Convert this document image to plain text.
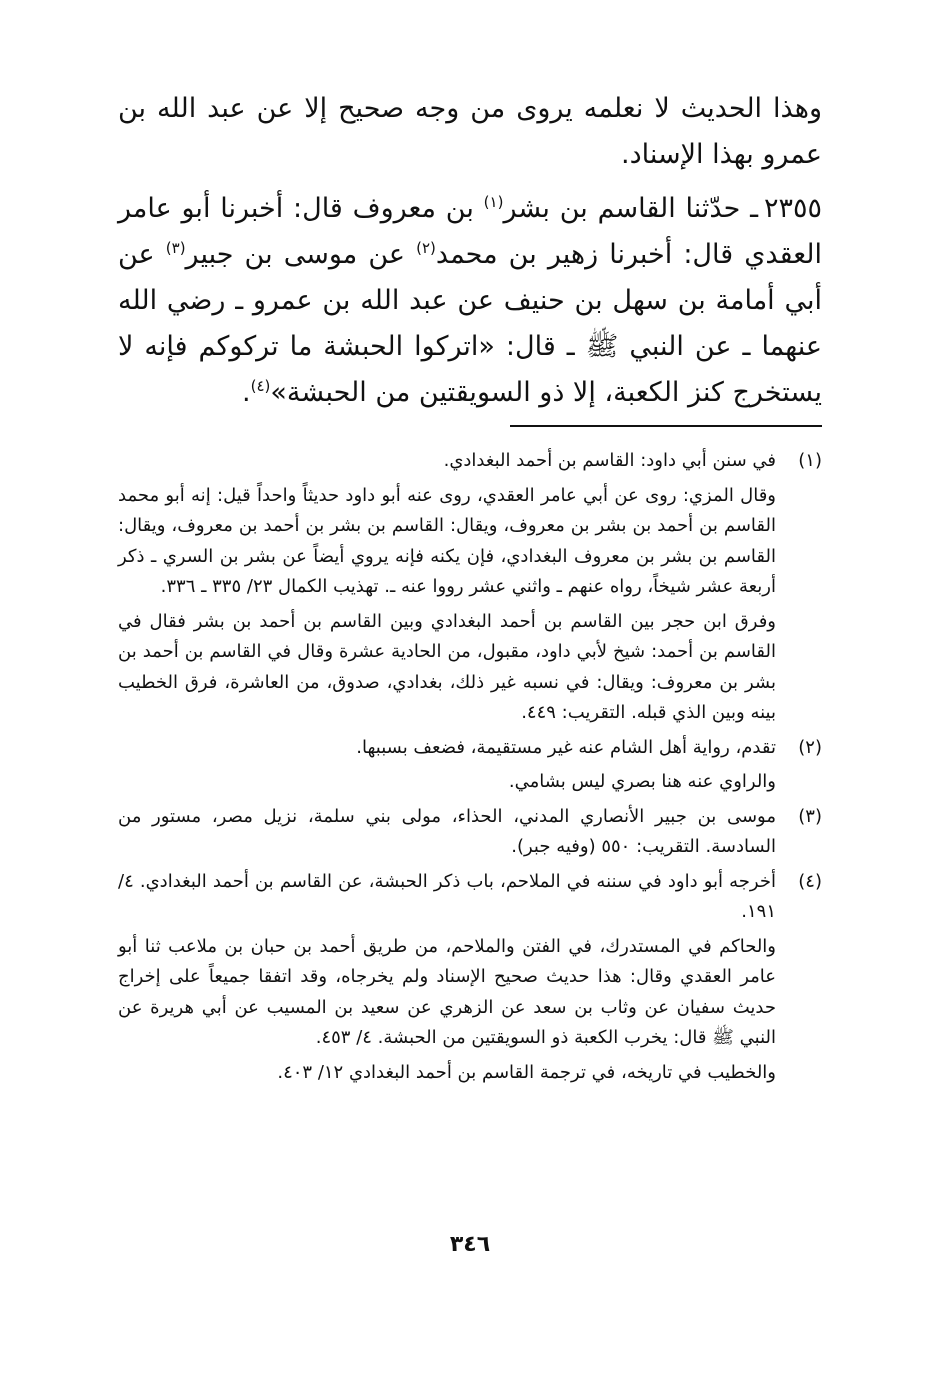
وهذا الحديث لا نعلمه يروى من وجه صحيح إلا عن عبد الله بن عمرو بهذا الإسناد.

٢٣٥٥ـ حدّثنا القاسم بن بشر$^{(١)}$ بن معروف قال: أخبرنا أبو عامر العقدي قال: أخبرنا زهير بن محمد$^{(٢)}$ عن موسى بن جبير$^{(٣)}$ عن أبي أمامة بن سهل بن حنيف عن عبد الله بن عمرو ـ رضي الله عنهما ـ عن النبي ﷺ ـ قال: «اتركوا الحبشة ما تركوكم فإنه لا يستخرج كنز الكعبة، إلا ذو السويقتين من الحبشة»$^{(٤)}$.

(١)

في سنن أبي داود: القاسم بن أحمد البغدادي.

وقال المزي: روى عن أبي عامر العقدي، روى عنه أبو داود حديثاً واحداً قيل: إنه أبو محمد القاسم بن أحمد بن بشر بن معروف، ويقال: القاسم بن بشر بن أحمد بن معروف، ويقال: القاسم بن بشر بن معروف البغدادي، فإن يكنه فإنه يروي أيضاً عن بشر بن السري ـ ذكر أربعة عشر شيخاً، رواه عنهم ـ واثني عشر رووا عنه ـ. تهذيب الكمال ٢٣/ ٣٣٥ ـ ٣٣٦.

وفرق ابن حجر بين القاسم بن أحمد البغدادي وبين القاسم بن أحمد بن بشر فقال في القاسم بن أحمد: شيخ لأبي داود، مقبول، من الحادية عشرة وقال في القاسم بن أحمد بن بشر بن معروف: ويقال: في نسبه غير ذلك، بغدادي، صدوق، من العاشرة، فرق الخطيب بينه وبين الذي قبله. التقريب: ٤٤٩.

(٢)

تقدم، رواية أهل الشام عنه غير مستقيمة، فضعف بسببها.

والراوي عنه هنا بصري ليس بشامي.

(٣)

موسى بن جبير الأنصاري المدني، الحذاء، مولى بني سلمة، نزيل مصر، مستور من السادسة. التقريب: ٥٥٠ (وفيه جبر).

(٤)

أخرجه أبو داود في سننه في الملاحم، باب ذكر الحبشة، عن القاسم بن أحمد البغدادي. ٤/ ١٩١.

والحاكم في المستدرك، في الفتن والملاحم، من طريق أحمد بن حبان بن ملاعب ثنا أبو عامر العقدي وقال: هذا حديث صحيح الإسناد ولم يخرجاه، وقد اتفقا جميعاً على إخراج حديث سفيان عن وثاب بن سعد عن الزهري عن سعيد بن المسيب عن أبي هريرة عن النبي ﷺ قال: يخرب الكعبة ذو السويقتين من الحبشة. ٤/ ٤٥٣.

والخطيب في تاريخه، في ترجمة القاسم بن أحمد البغدادي ١٢/ ٤٠٣.

٣٤٦
